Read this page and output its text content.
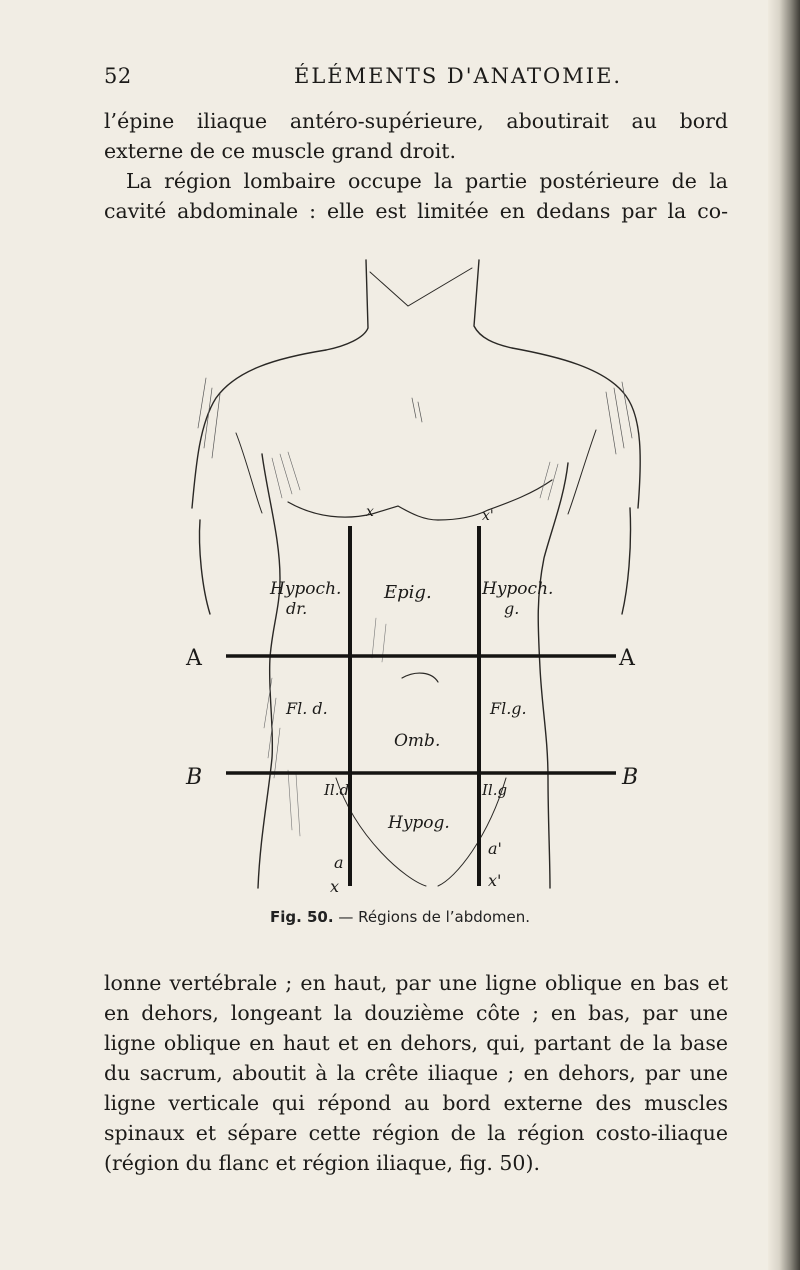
52	ÉLÉMENTS D'ANATOMIE.
l’épine iliaque antéro-supérieure, aboutirait au bord
externe de ce muscle grand droit.
La région lombaire occupe la partie postérieure de la
cavité abdominale : elle est limitée en dedans par la co-
A	A
B	B
Hypoch.
dr.
Epig.	Hypoch.
g.
Fl. d.
Omb.
Fl.g.
Il.d
Hypog.
Il.g
a
x
a'
x'
x	x'
Fig. 50. — Régions de l’abdomen.
lonne vertébrale ; en haut, par une ligne oblique en bas et
en dehors, longeant la douzième côte ; en bas, par une
ligne oblique en haut et en dehors, qui, partant de la base
du sacrum, aboutit à la crête iliaque ; en dehors, par une
ligne verticale qui répond au bord externe des muscles
spinaux et sépare cette région de la région costo-iliaque
(région du flanc et région iliaque, fig. 50).
